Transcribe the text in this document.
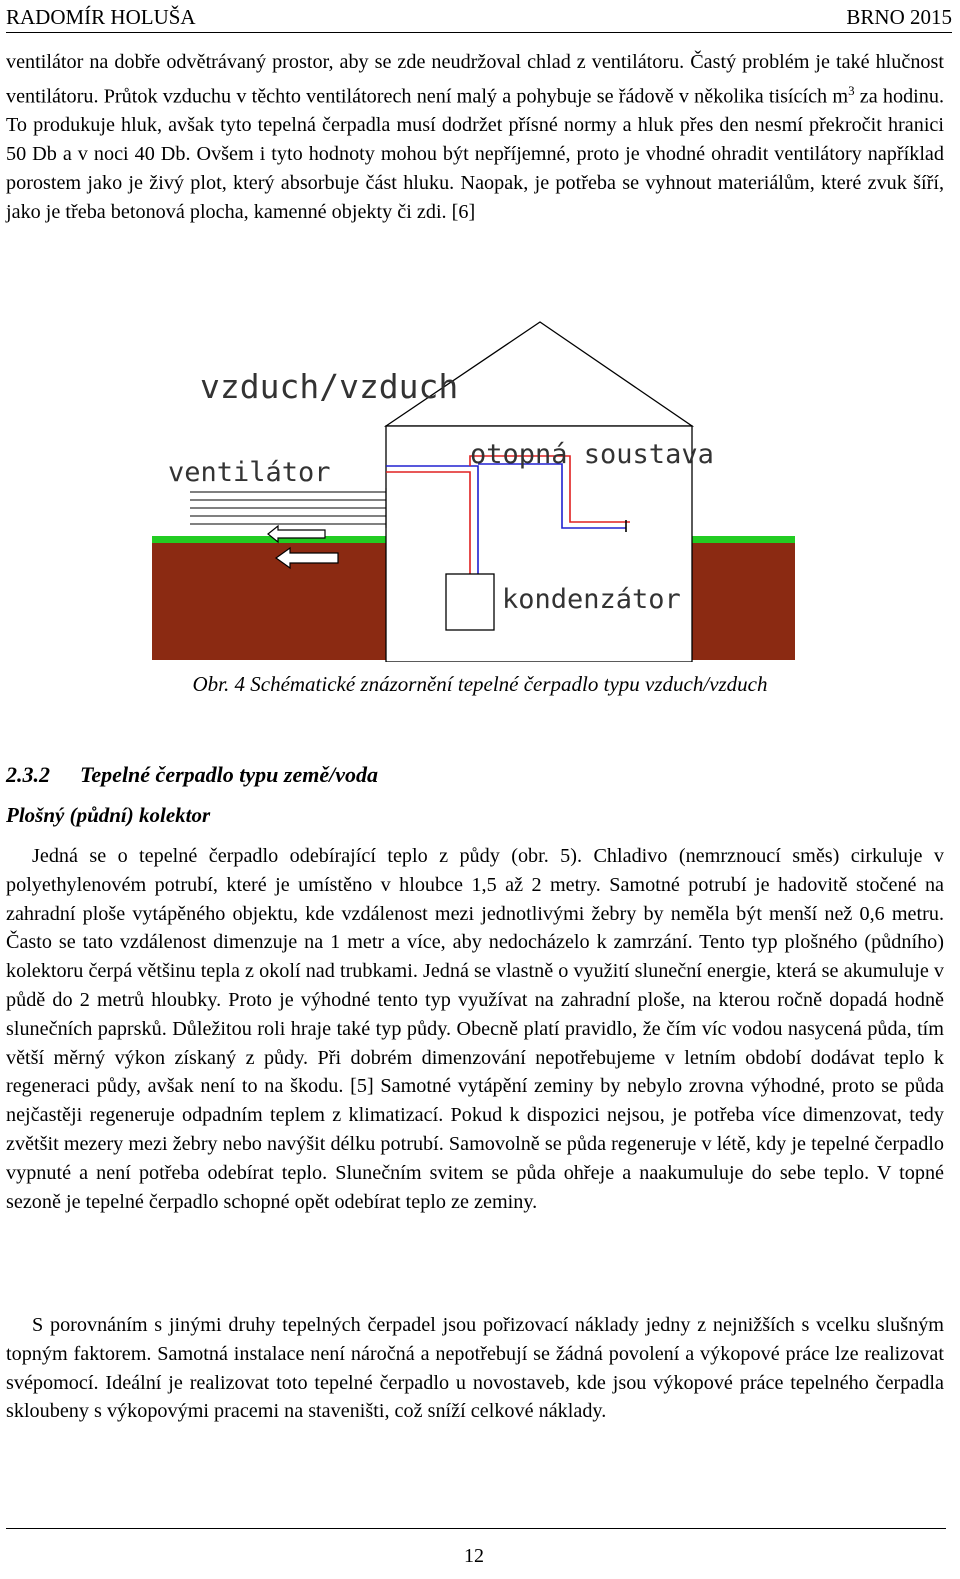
RADOMÍR HOLUŠA	BRNO 2015

ventilátor na dobře odvětrávaný prostor, aby se zde neudržoval chlad z ventilátoru. Častý problém je také hlučnost ventilátoru. Průtok vzduchu v těchto ventilátorech není malý a pohybuje se řádově v několika tisících $m^3$ za hodinu. To produkuje hluk, avšak tyto tepelná čerpadla musí dodržet přísné normy a hluk přes den nesmí překročit hranici 50 Db a v noci 40 Db. Ovšem i tyto hodnoty mohou být nepříjemné, proto je vhodné ohradit ventilátory například porostem jako je živý plot, který absorbuje část hluku. Naopak, je potřeba se vyhnout materiálům, které zvuk šíří, jako je třeba betonová plocha, kamenné objekty či zdi. [6]

vzduch/vzduch
ventilátor
otopná soustava
kondenzátor
Obr. 4 Schématické znázornění tepelné čerpadlo typu vzduch/vzduch
2.3.2 Tepelné čerpadlo typu země/voda
Plošný (půdní) kolektor

Jedná se o tepelné čerpadlo odebírající teplo z půdy (obr. 5). Chladivo (nemrznoucí směs) cirkuluje v polyethylenovém potrubí, které je umístěno v hloubce 1,5 až 2 metry. Samotné potrubí je hadovitě stočené na zahradní ploše vytápěného objektu, kde vzdálenost mezi jednotlivými žebry by neměla být menší než 0,6 metru. Často se tato vzdálenost dimenzuje na 1 metr a více, aby nedocházelo k zamrzání. Tento typ plošného (půdního) kolektoru čerpá většinu tepla z okolí nad trubkami. Jedná se vlastně o využití sluneční energie, která se akumuluje v půdě do 2 metrů hloubky. Proto je výhodné tento typ využívat na zahradní ploše, na kterou ročně dopadá hodně slunečních paprsků. Důležitou roli hraje také typ půdy. Obecně platí pravidlo, že čím víc vodou nasycená půda, tím větší měrný výkon získaný z půdy. Při dobrém dimenzování nepotřebujeme v letním období dodávat teplo k regeneraci půdy, avšak není to na škodu. [5] Samotné vytápění zeminy by nebylo zrovna výhodné, proto se půda nejčastěji regeneruje odpadním teplem z klimatizací. Pokud k dispozici nejsou, je potřeba více dimenzovat, tedy zvětšit mezery mezi žebry nebo navýšit délku potrubí. Samovolně se půda regeneruje v létě, kdy je tepelné čerpadlo vypnuté a není potřeba odebírat teplo. Slunečním svitem se půda ohřeje a naakumuluje do sebe teplo. V topné sezoně je tepelné čerpadlo schopné opět odebírat teplo ze zeminy.

S porovnáním s jinými druhy tepelných čerpadel jsou pořizovací náklady jedny z nejnižších s vcelku slušným topným faktorem. Samotná instalace není náročná a nepotřebují se žádná povolení a výkopové práce lze realizovat svépomocí. Ideální je realizovat toto tepelné čerpadlo u novostaveb, kde jsou výkopové práce tepelného čerpadla skloubeny s výkopovými pracemi na staveništi, což sníží celkové náklady.

12
